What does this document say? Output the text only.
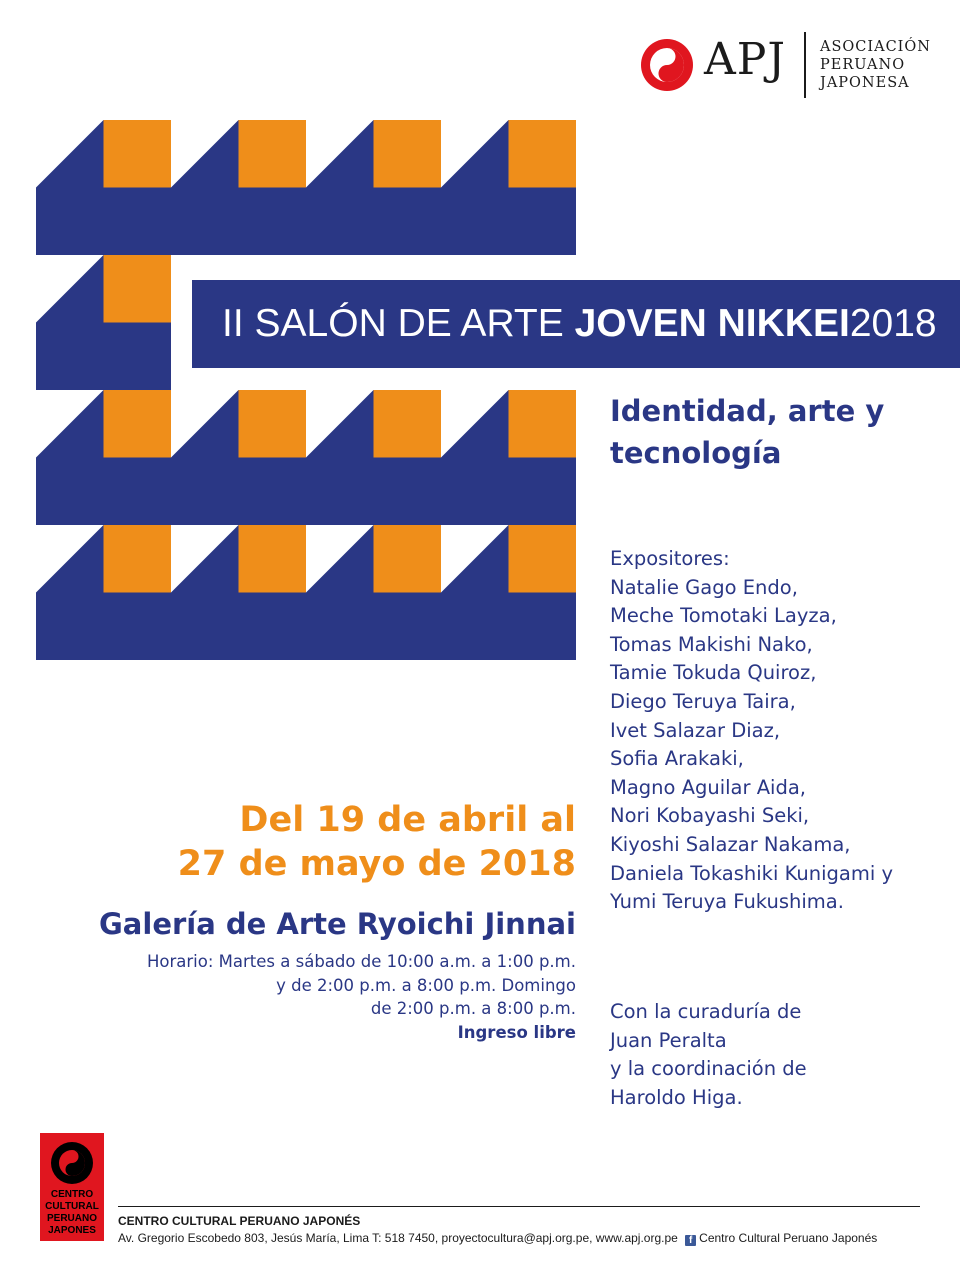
APJ ASOCIACIÓN
PERUANO
JAPONESA
II SALÓN DE ARTE JOVEN NIKKEI2018
Identidad, arte y
tecnología
Expositores:
Natalie Gago Endo,
Meche Tomotaki Layza,
Tomas Makishi Nako,
Tamie Tokuda Quiroz,
Diego Teruya Taira,
Ivet Salazar Diaz,
Sofia Arakaki,
Magno Aguilar Aida,
Nori Kobayashi Seki,
Kiyoshi Salazar Nakama,
Daniela Tokashiki Kunigami y
Yumi Teruya Fukushima.
Con la curaduría de
Juan Peralta
y la coordinación de
Haroldo Higa.
Del 19 de abril al
27 de mayo de 2018
Galería de Arte Ryoichi Jinnai
Horario: Martes a sábado de 10:00 a.m. a 1:00 p.m.
y de 2:00 p.m. a 8:00 p.m. Domingo
de 2:00 p.m. a 8:00 p.m.
Ingreso libre
CENTRO
CULTURAL
PERUANO
JAPONES
CENTRO CULTURAL PERUANO JAPONÉS
Av. Gregorio Escobedo 803, Jesús María, Lima T: 518 7450, proyectocultura@apj.org.pe, www.apj.org.pe f Centro Cultural Peruano Japonés
